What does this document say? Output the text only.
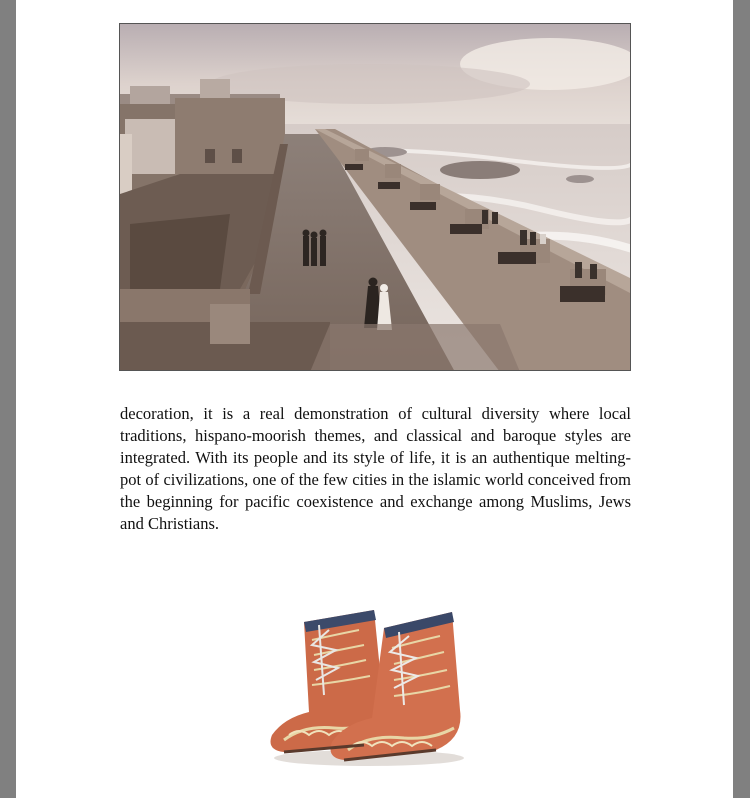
decoration, it is a real demonstration of cultural diversity where local traditions, hispano-moorish themes, and classical and baroque styles are integrated. With its people and its style of life, it is an authentique melting-pot of civilizations, one of the few cities in the islamic world conceived from the beginning for pacific coexistence and exchange among Muslims, Jews and Christians.
